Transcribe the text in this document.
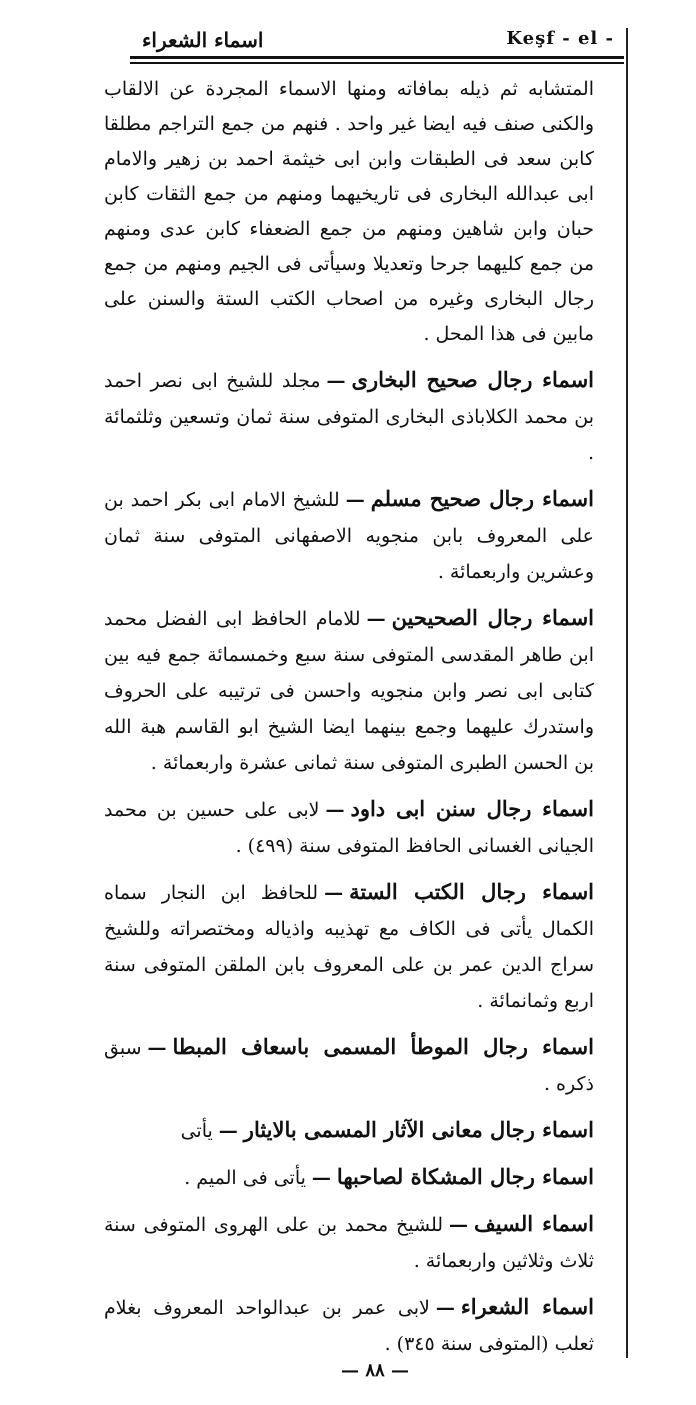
اسماء الشعراء	Keşf - el -

المتشابه ثم ذيله بمافاته ومنها الاسماء المجردة عن الالقاب والكنى صنف فيه ايضا غير واحد . فنهم من جمع التراجم مطلقا كابن سعد فى الطبقات وابن ابى خيثمة احمد بن زهير والامام ابى عبدالله البخارى فى تاريخيهما ومنهم من جمع الثقات كابن حبان وابن شاهين ومنهم من جمع الضعفاء كابن عدى ومنهم من جمع كليهما جرحا وتعديلا وسيأتى فى الجيم ومنهم من جمع رجال البخارى وغيره من اصحاب الكتب الستة والسنن على مابين فى هذا المحل .

اسماء رجال صحيح البخارى—مجلد للشيخ ابى نصر احمد بن محمد الكلاباذى البخارى المتوفى سنة ثمان وتسعين وثلثمائة .

اسماء رجال صحيح مسلم—للشيخ الامام ابى بكر احمد بن على المعروف بابن منجويه الاصفهانى المتوفى سنة ثمان وعشرين واربعمائة .

اسماء رجال الصحيحين—للامام الحافظ ابى الفضل محمد ابن طاهر المقدسى المتوفى سنة سبع وخمسمائة جمع فيه بين كتابى ابى نصر وابن منجويه واحسن فى ترتيبه على الحروف واستدرك عليهما وجمع بينهما ايضا الشيخ ابو القاسم هبة الله بن الحسن الطبرى المتوفى سنة ثمانى عشرة واربعمائة .

اسماء رجال سنن ابى داود—لابى على حسين بن محمد الجيانى الغسانى الحافظ المتوفى سنة (٤٩٩) .

اسماء رجال الكتب الستة—للحافظ ابن النجار سماه الكمال يأتى فى الكاف مع تهذيبه واذياله ومختصراته وللشيخ سراج الدين عمر بن على المعروف بابن الملقن المتوفى سنة اربع وثمانمائة .

اسماء رجال الموطأ المسمى باسعاف المبطا—سبق ذكره .

اسماء رجال معانى الآثار المسمى بالايثار—يأتى

اسماء رجال المشكاة لصاحبها—يأتى فى الميم .

اسماء السيف—للشيخ محمد بن على الهروى المتوفى سنة ثلاث وثلاثين واربعمائة .

اسماء الشعراء—لابى عمر بن عبدالواحد المعروف بغلام ثعلب (المتوفى سنة ٣٤٥) .

— ٨٨ —
